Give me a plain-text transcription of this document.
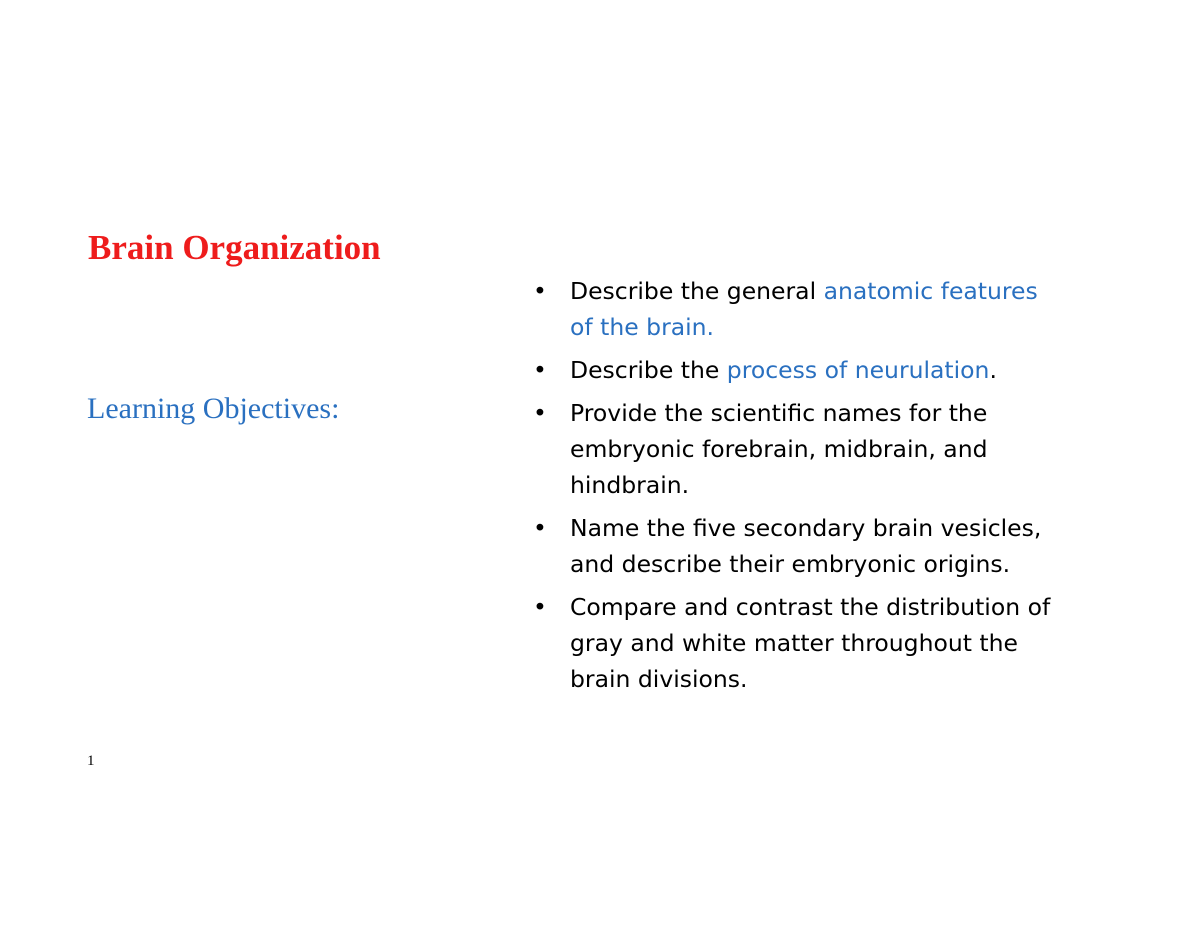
Brain Organization
Learning Objectives:
1
• Describe the general anatomic features of the brain.
• Describe the process of neurulation.
• Provide the scientific names for the embryonic forebrain, midbrain, and hindbrain.
• Name the five secondary brain vesicles, and describe their embryonic origins.
• Compare and contrast the distribution of gray and white matter throughout the brain divisions.
